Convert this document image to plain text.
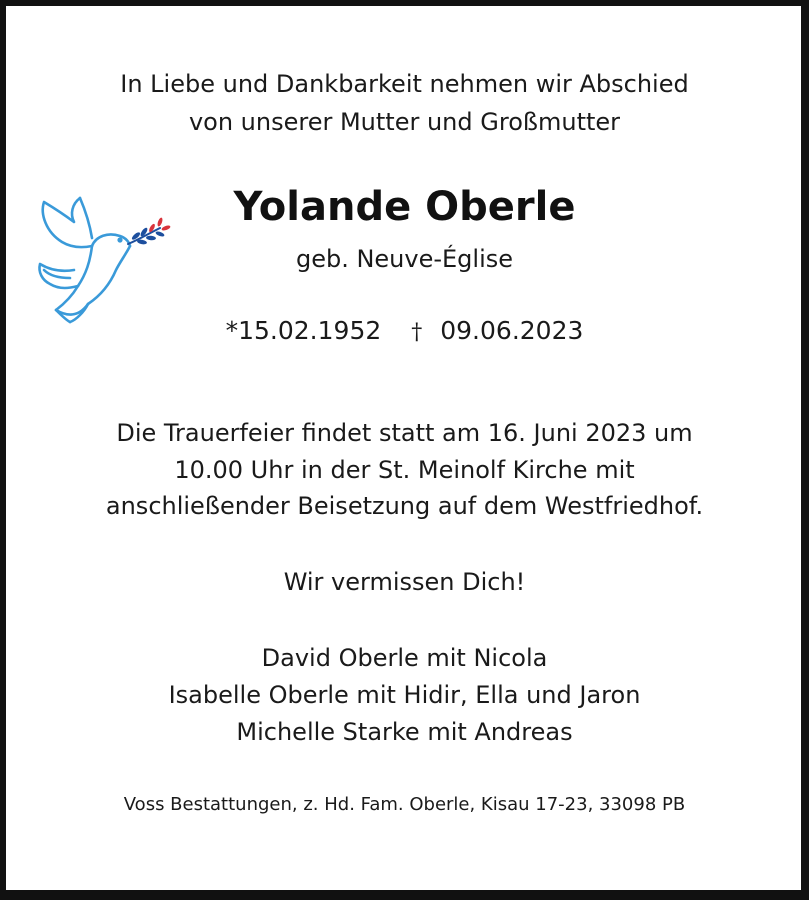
In Liebe und Dankbarkeit nehmen wir Abschied
von unserer Mutter und Großmutter
Yolande Oberle
geb. Neuve-Église
*15.02.1952 † 09.06.2023
Die Trauerfeier findet statt am 16. Juni 2023 um
10.00 Uhr in der St. Meinolf Kirche mit
anschließender Beisetzung auf dem Westfriedhof.
Wir vermissen Dich!
David Oberle mit Nicola
Isabelle Oberle mit Hidir, Ella und Jaron
Michelle Starke mit Andreas
Voss Bestattungen, z. Hd. Fam. Oberle, Kisau 17-23, 33098 PB
